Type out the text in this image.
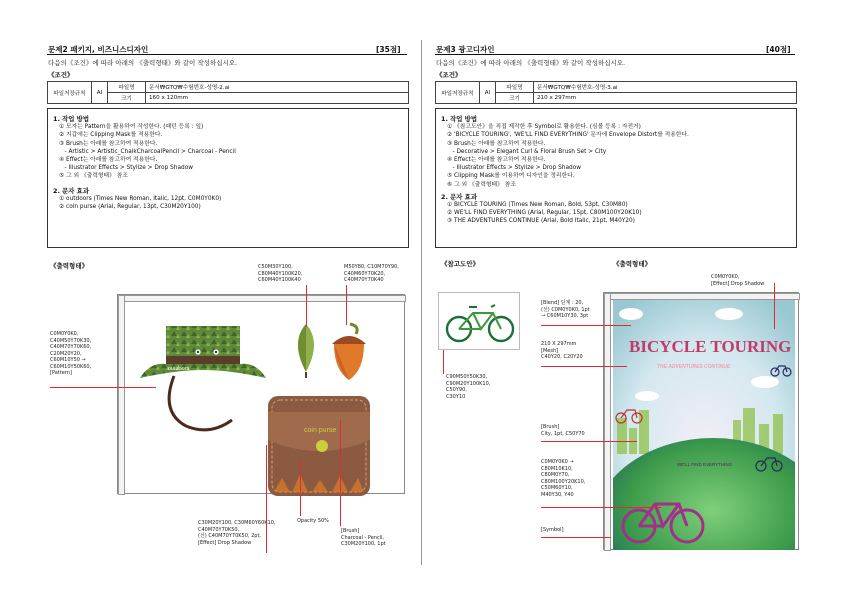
문제2 패키지, 비즈니스디자인	[35점]
다음의《조건》에 따라 아래의 《출력형태》와 같이 작성하십시오.
《조건》
파일저장규칙	AI	파일명	문서₩GTQ₩수험번호-성명-2.ai
		크기	160 x 120mm
1. 작업 방법
① 모자는 Pattern을 활용하여 작성한다. (패턴 등록 : 잎)
② 지갑에는 Clipping Mask를 적용한다.
③ Brush는 아래를 참고하여 적용한다.
- Artistic > Artistic_ChalkCharcoalPencil > Charcoal - Pencil
④ Effect는 아래를 참고하여 적용한다.
- Illustrator Effects > Stylize > Drop Shadow
⑤ 그 외 《출력형태》 참조
2. 문자 효과
① outdoors (Times New Roman, Italic, 12pt, C0M0Y0K0)
② coin purse (Arial, Regular, 13pt, C30M20Y100)
《출력형태》
outdoors
coin purse
C50M30Y100,
C80M40Y100K20,
C60M40Y100K40
M50Y80, C10M70Y90,
C40M60Y70K20,
C40M70Y70K40
C0M0Y0K0,
C40M50Y70K30,
C40M70Y70K60,
C20M20Y20,
C60M10Y50 →
C60M10Y50K60,
[Pattern]
C30M20Y100, C30M60Y60K10,
C40M70Y70K50,
(선) C40M70Y70K50, 2pt,
[Effect] Drop Shadow
Opacity 50%
[Brush]
Charcoal - Pencil,
C30M20Y100, 1pt
문제3 광고디자인	[40점]
다음의《조건》에 따라 아래의 《출력형태》와 같이 작성하십시오.
《조건》
파일저장규칙	AI	파일명	문서₩GTQ₩수험번호-성명-3.ai
		크기	210 x 297mm
1. 작업 방법
① 《참고도안》을 직접 제작한 후 Symbol로 활용한다. (심볼 등록 : 자전거)
② 'BICYCLE TOURING', 'WE'LL FIND EVERYTHING' 문자에 Envelope Distort를 적용한다.
③ Brush는 아래를 참고하여 적용한다.
- Decorative > Elegant Curl & Floral Brush Set > City
④ Effect는 아래를 참고하여 적용한다.
- Illustrator Effects > Stylize > Drop Shadow
⑤ Clipping Mask를 이용하여 디자인을 정리한다.
⑥ 그 외 《출력형태》 참조
2. 문자 효과
① BICYCLE TOURING (Times New Roman, Bold, 53pt, C30M80)
② WE'LL FIND EVERYTHING (Arial, Regular, 15pt, C80M100Y20K10)
③ THE ADVENTURES CONTINUE (Arial, Bold Italic, 21pt, M40Y20)
《참고도안》	《출력형태》
C90M50Y50K30,
C90M20Y100K10,
C50Y90,
C30Y10
BICYCLE TOURING
THE ADVENTURES CONTINUE
WE'LL FIND EVERYTHING
C0M0Y0K0,
[Effect] Drop Shadow
[Blend] 단계 : 20,
(선) C0M0Y0K0, 1pt
→ C60M10Y30, 3pt
210 X 297mm
[Mesh]
C40Y20, C20Y20
[Brush]
City, 1pt, C50Y70
C0M0Y0K0 →
C80M10K10,
C80M0Y70,
C80M100Y20K10,
C50M60Y10,
M40Y30, Y40
[Symbol]
